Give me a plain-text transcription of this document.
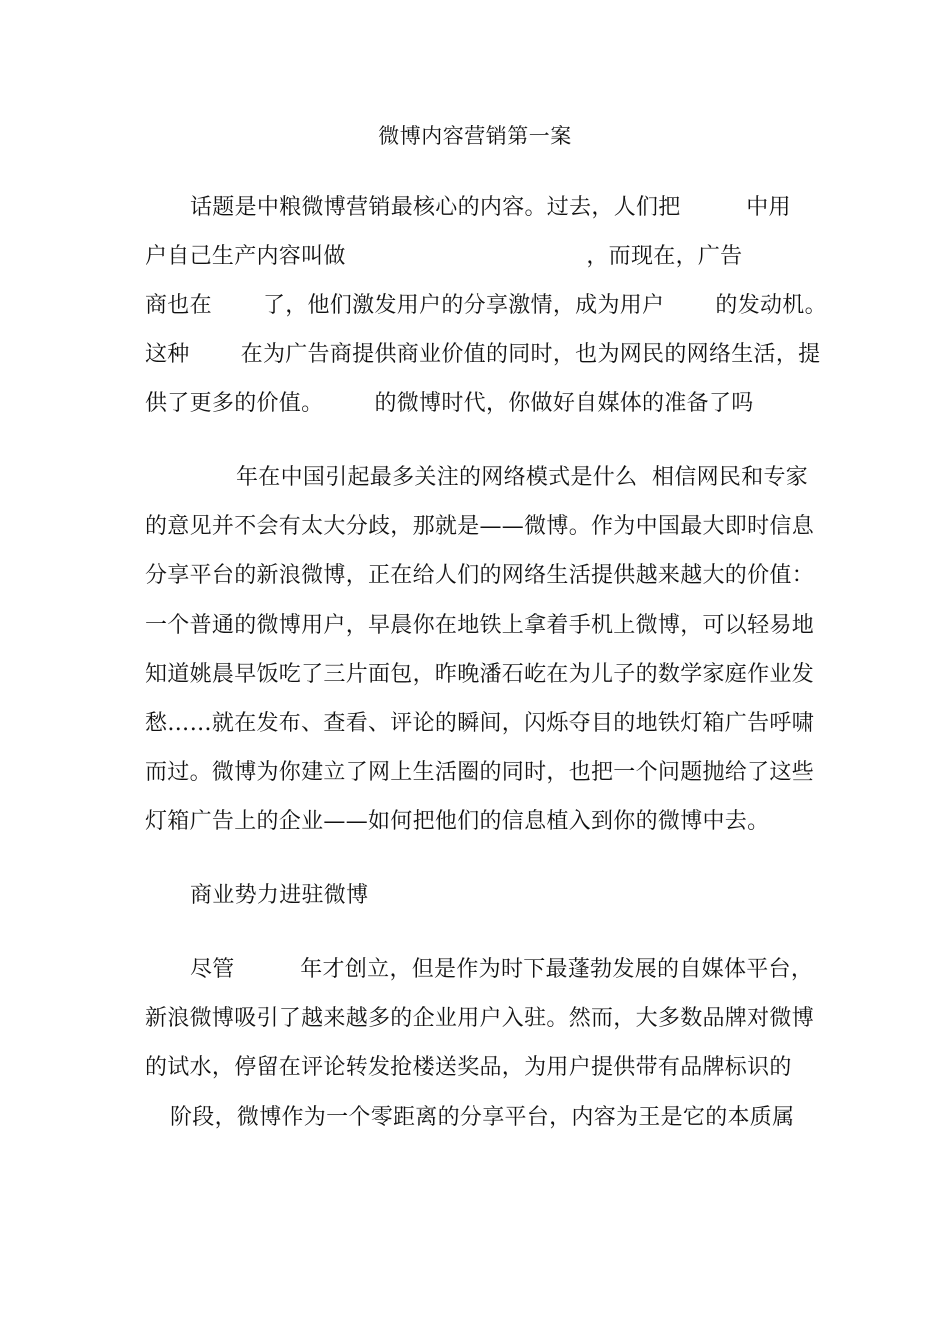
微博内容营销第一案
话题是中粮微博营销最核心的内容。过去，人们把         中用
户自己生产内容叫做                                 ，而现在，广告
商也在       了，他们激发用户的分享激情，成为用户       的发动机。
这种       在为广告商提供商业价值的同时，也为网民的网络生活，提
供了更多的价值。       的微博时代，你做好自媒体的准备了吗
年在中国引起最多关注的网络模式是什么  相信网民和专家
的意见并不会有太大分歧，那就是——微博。作为中国最大即时信息
分享平台的新浪微博，正在给人们的网络生活提供越来越大的价值：
一个普通的微博用户，早晨你在地铁上拿着手机上微博，可以轻易地
知道姚晨早饭吃了三片面包，昨晚潘石屹在为儿子的数学家庭作业发
愁……就在发布、查看、评论的瞬间，闪烁夺目的地铁灯箱广告呼啸
而过。微博为你建立了网上生活圈的同时，也把一个问题抛给了这些
灯箱广告上的企业——如何把他们的信息植入到你的微博中去。
商业势力进驻微博
尽管         年才创立，但是作为时下最蓬勃发展的自媒体平台，
新浪微博吸引了越来越多的企业用户入驻。然而，大多数品牌对微博
的试水，停留在评论转发抢楼送奖品，为用户提供带有品牌标识的
阶段，微博作为一个零距离的分享平台，内容为王是它的本质属
